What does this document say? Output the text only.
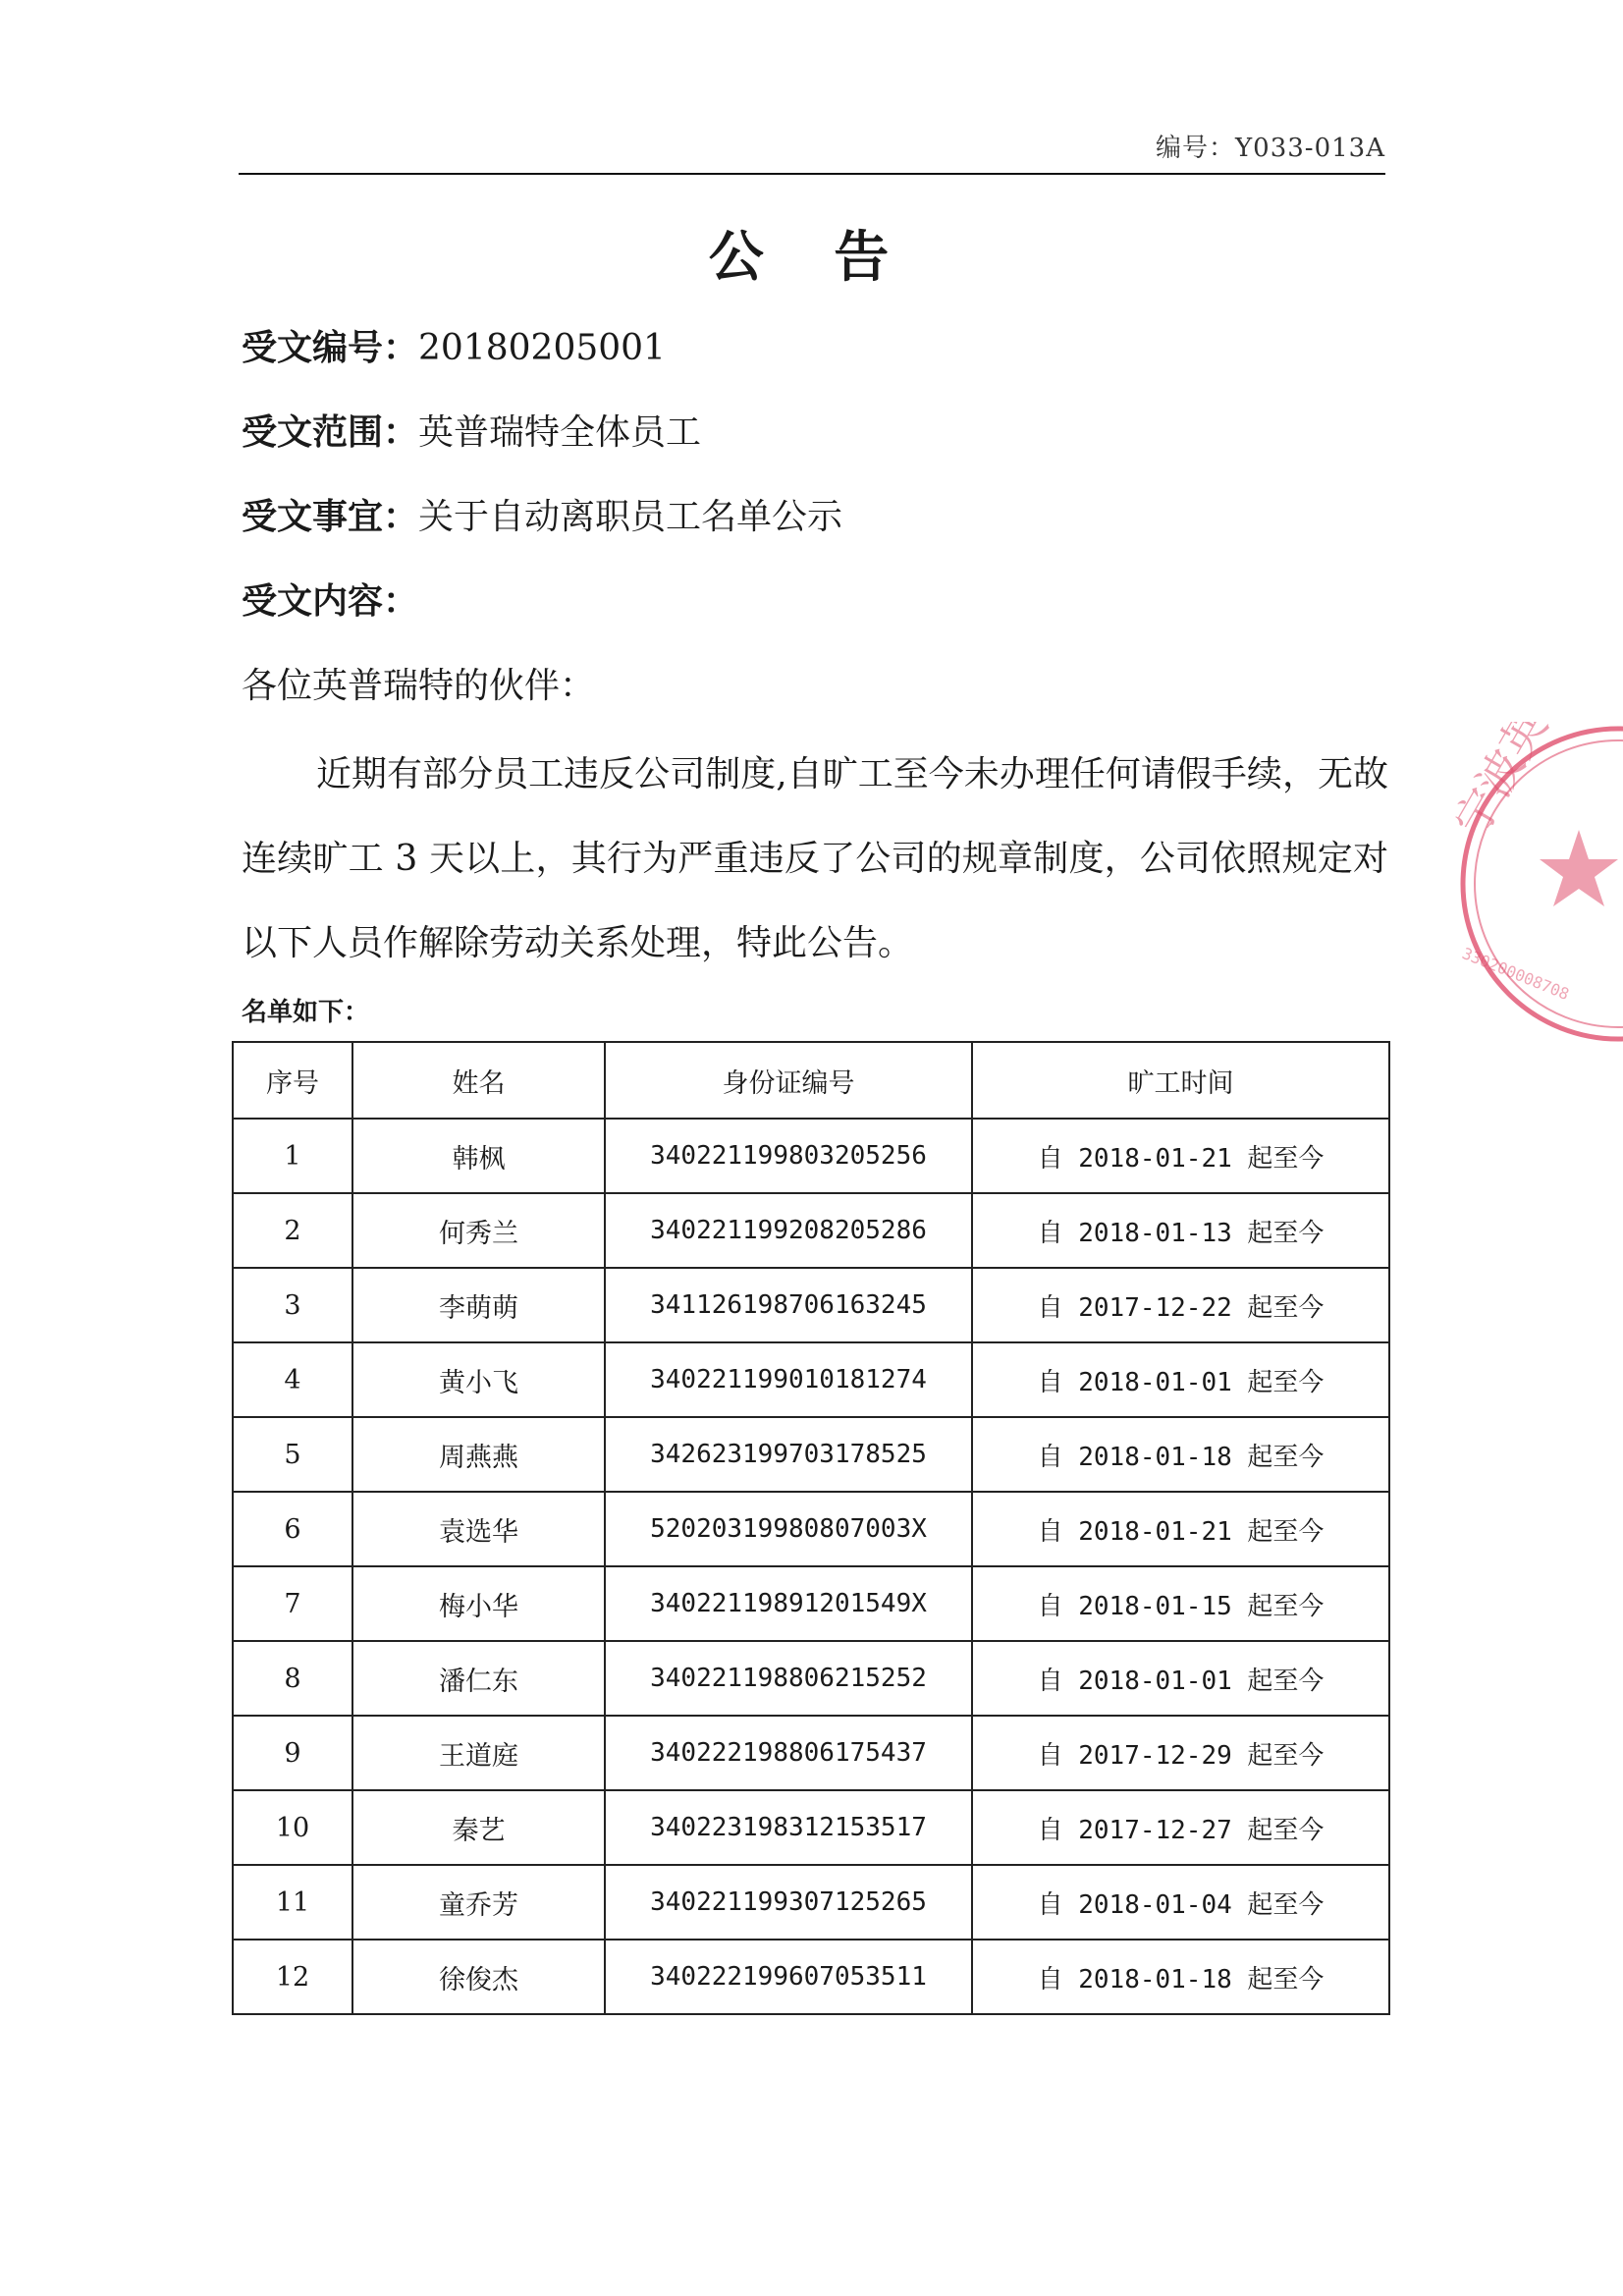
编号：Y033-013A
公 告
受文编号：20180205001
受文范围：英普瑞特全体员工
受文事宜：关于自动离职员工名单公示
受文内容：
各位英普瑞特的伙伴：
近期有部分员工违反公司制度,自旷工至今未办理任何请假手续，无故连续旷工 3 天以上，其行为严重违反了公司的规章制度，公司依照规定对以下人员作解除劳动关系处理，特此公告。
名单如下：
序号	姓名	身份证编号	旷工时间
1	韩枫	340221199803205256	自 2018-01-21 起至今
2	何秀兰	340221199208205286	自 2018-01-13 起至今
3	李萌萌	341126198706163245	自 2017-12-22 起至今
4	黄小飞	340221199010181274	自 2018-01-01 起至今
5	周燕燕	342623199703178525	自 2018-01-18 起至今
6	袁选华	52020319980807003X	自 2018-01-21 起至今
7	梅小华	34022119891201549X	自 2018-01-15 起至今
8	潘仁东	340221198806215252	自 2018-01-01 起至今
9	王道庭	340222198806175437	自 2017-12-29 起至今
10	秦艺	340223198312153517	自 2017-12-27 起至今
11	童乔芳	340221199307125265	自 2018-01-04 起至今
12	徐俊杰	340222199607053511	自 2018-01-18 起至今
宁波英普
330200008708
